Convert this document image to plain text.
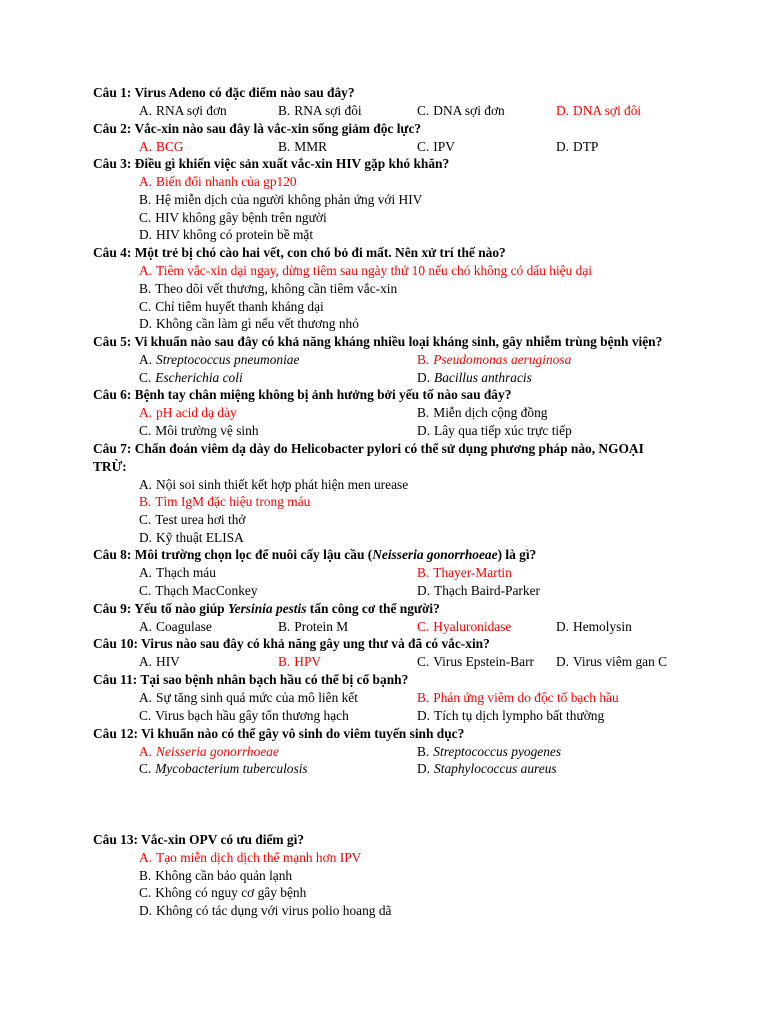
Câu 1: Virus Adeno có đặc điểm nào sau đây?
A. RNA sợi đơn	B. RNA sợi đôi	C. DNA sợi đơn	D. DNA sợi đôi
Câu 2: Vắc-xin nào sau đây là vắc-xin sống giảm độc lực?
A. BCG	B. MMR	C. IPV	D. DTP
Câu 3: Điều gì khiến việc sản xuất vắc-xin HIV gặp khó khăn?
A. Biến đổi nhanh của gp120
B. Hệ miễn dịch của người không phản ứng với HIV
C. HIV không gây bệnh trên người
D. HIV không có protein bề mặt
Câu 4: Một trẻ bị chó cào hai vết, con chó bỏ đi mất. Nên xử trí thế nào?
A. Tiêm vắc-xin dại ngay, dừng tiêm sau ngày thứ 10 nếu chó không có dấu hiệu dại
B. Theo dõi vết thương, không cần tiêm vắc-xin
C. Chỉ tiêm huyết thanh kháng dại
D. Không cần làm gì nếu vết thương nhỏ
Câu 5: Vi khuẩn nào sau đây có khả năng kháng nhiều loại kháng sinh, gây nhiễm trùng bệnh viện?
A. Streptococcus pneumoniae	B. Pseudomonas aeruginosa
C. Escherichia coli	D. Bacillus anthracis
Câu 6: Bệnh tay chân miệng không bị ảnh hưởng bởi yếu tố nào sau đây?
A. pH acid dạ dày	B. Miễn dịch cộng đồng
C. Môi trường vệ sinh	D. Lây qua tiếp xúc trực tiếp
Câu 7: Chẩn đoán viêm dạ dày do Helicobacter pylori có thể sử dụng phương pháp nào, NGOẠI TRỪ:
A. Nội soi sinh thiết kết hợp phát hiện men urease
B. Tìm IgM đặc hiệu trong máu
C. Test urea hơi thở
D. Kỹ thuật ELISA
Câu 8: Môi trường chọn lọc để nuôi cấy lậu cầu (Neisseria gonorrhoeae) là gì?
A. Thạch máu	B. Thayer-Martin
C. Thạch MacConkey	D. Thạch Baird-Parker
Câu 9: Yếu tố nào giúp Yersinia pestis tấn công cơ thể người?
A. Coagulase	B. Protein M	C. Hyaluronidase	D. Hemolysin
Câu 10: Virus nào sau đây có khả năng gây ung thư và đã có vắc-xin?
A. HIV	B. HPV	C. Virus Epstein-Barr D. Virus viêm gan C
Câu 11: Tại sao bệnh nhân bạch hầu có thể bị cổ bạnh?
A. Sự tăng sinh quá mức của mô liên kết	B. Phản ứng viêm do độc tố bạch hầu
C. Virus bạch hầu gây tổn thương hạch	D. Tích tụ dịch lympho bất thường
Câu 12: Vi khuẩn nào có thể gây vô sinh do viêm tuyến sinh dục?
A. Neisseria gonorrhoeae	B. Streptococcus pyogenes
C. Mycobacterium tuberculosis	D. Staphylococcus aureus
Câu 13: Vắc-xin OPV có ưu điểm gì?
A. Tạo miễn dịch dịch thể mạnh hơn IPV
B. Không cần bảo quản lạnh
C. Không có nguy cơ gây bệnh
D. Không có tác dụng với virus polio hoang dã
